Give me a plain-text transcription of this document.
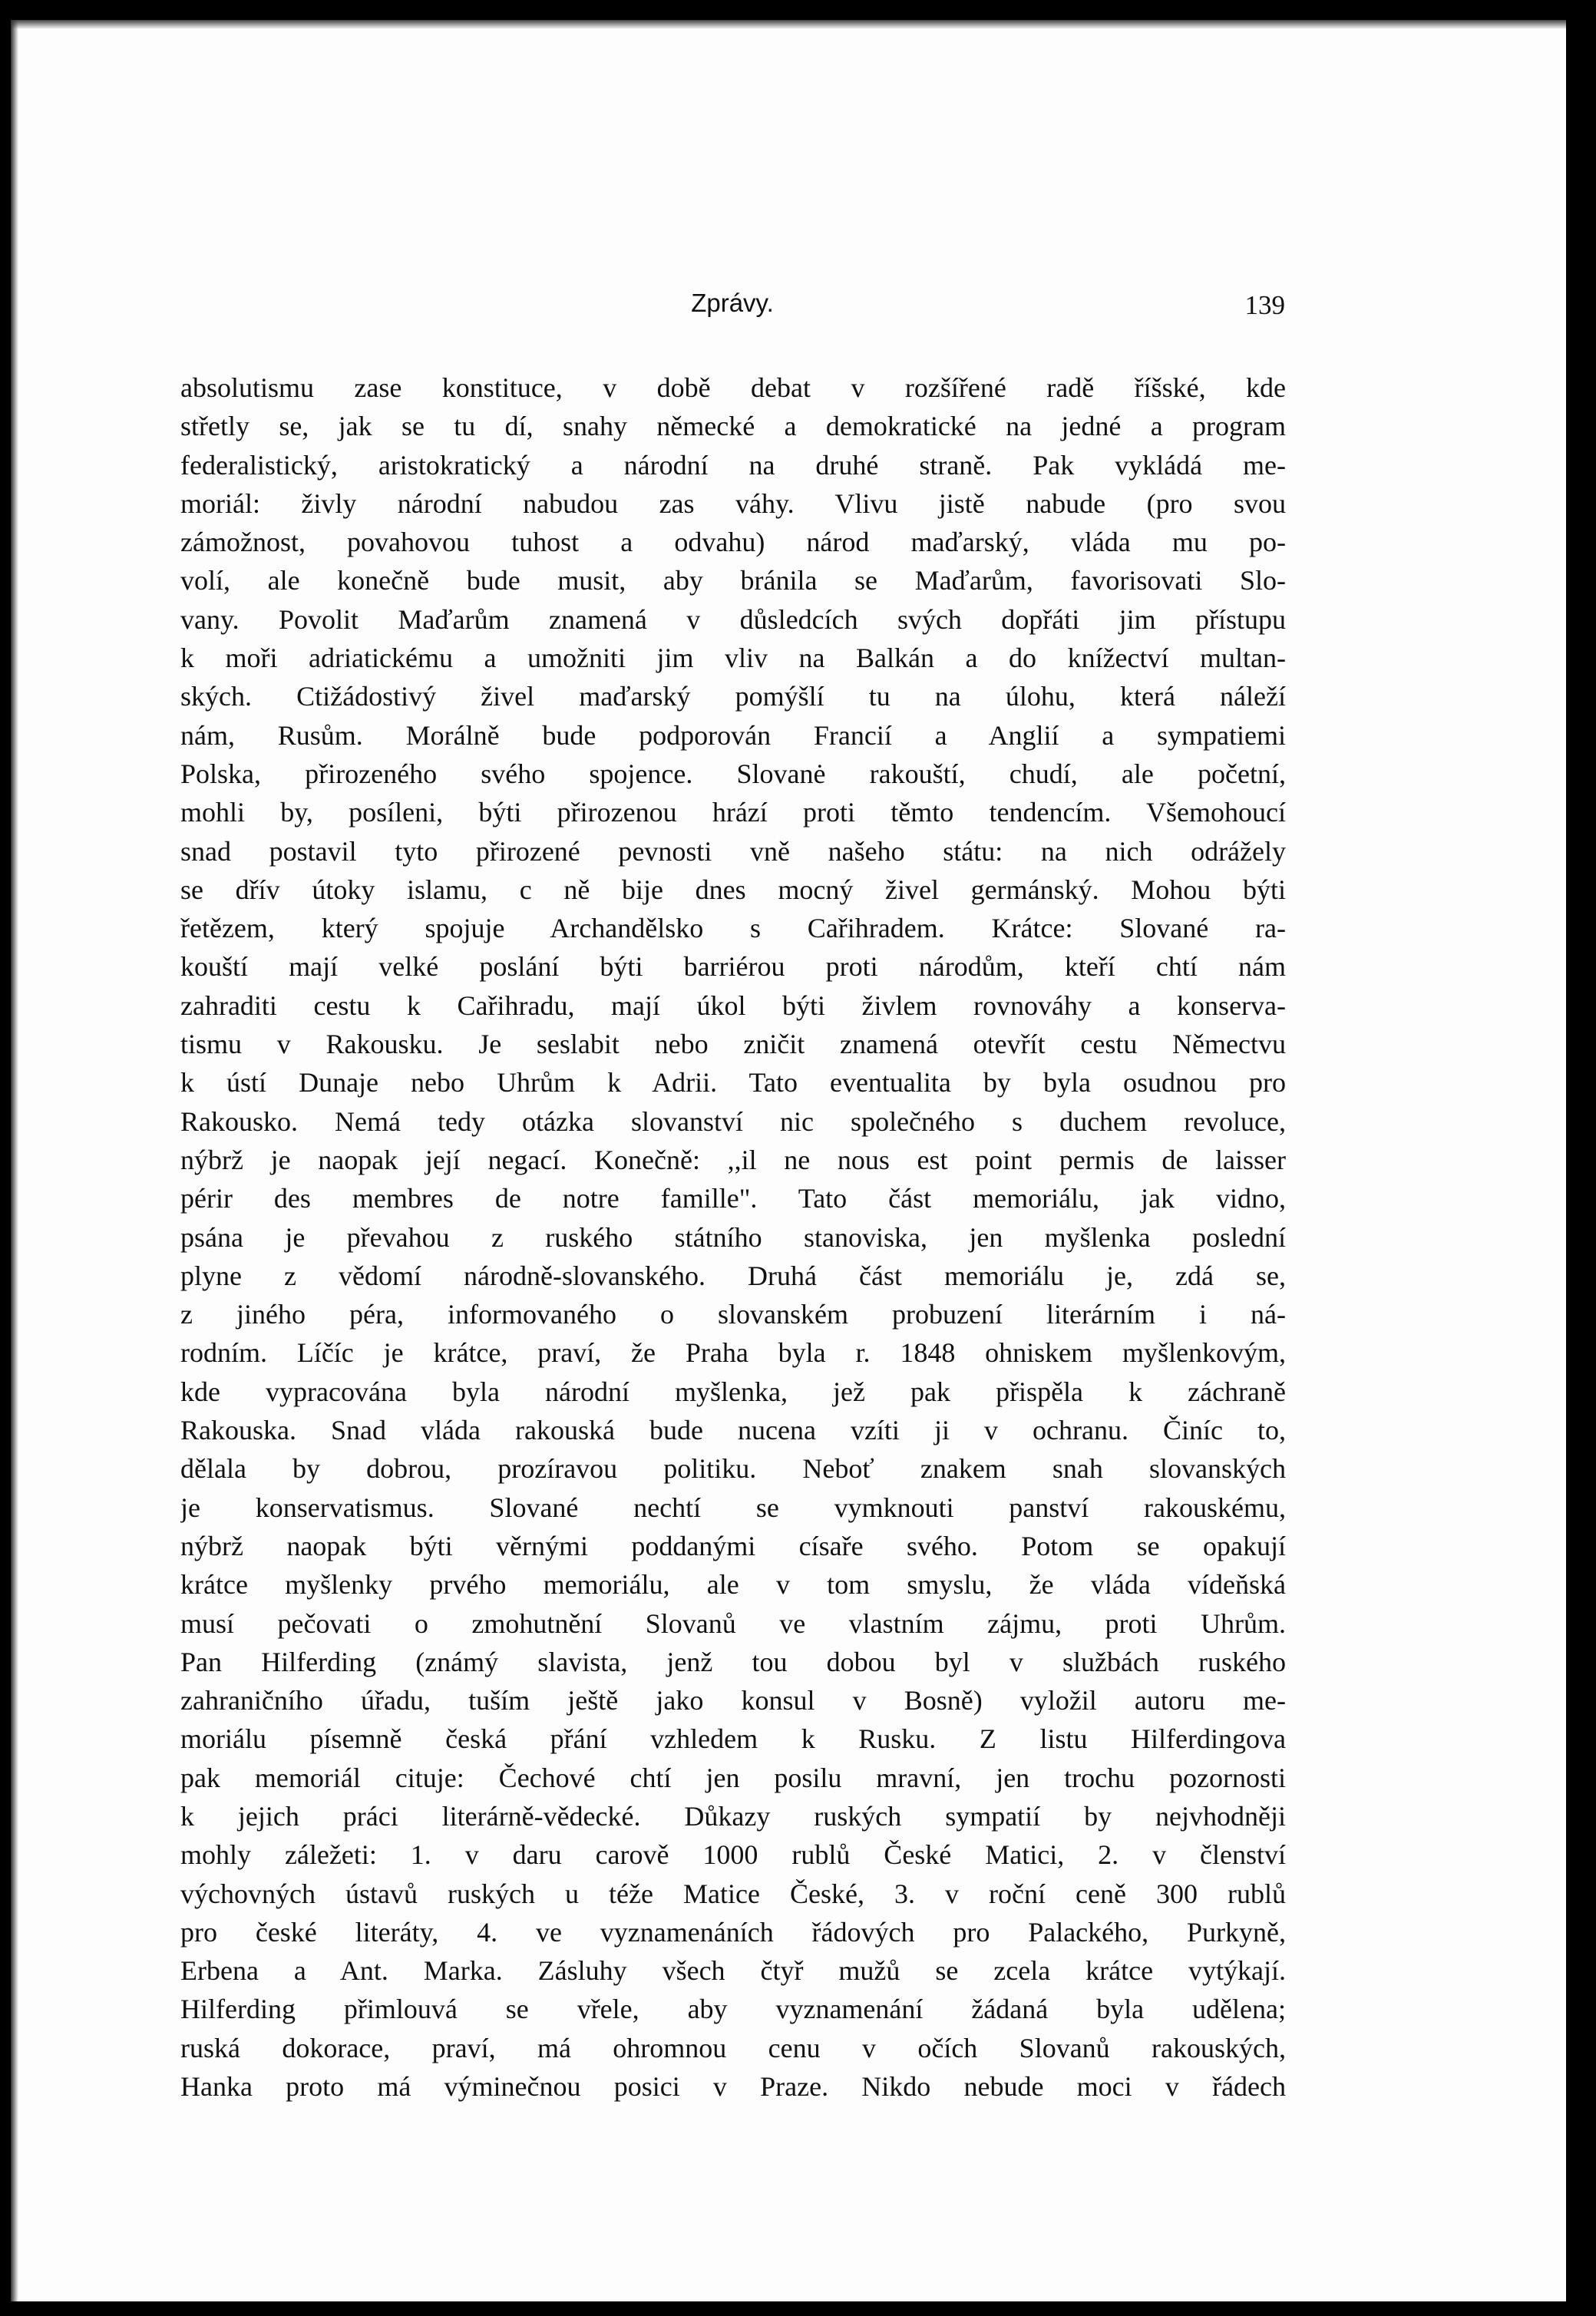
Zprávy.	139
absolutismu zase konstituce, v době debat v rozšířené radě říšské, kde
střetly se, jak se tu dí, snahy německé a demokratické na jedné a program
federalistický, aristokratický a národní na druhé straně. Pak vykládá me-
moriál: živly národní nabudou zas váhy. Vlivu jistě nabude (pro svou
zámožnost, povahovou tuhost a odvahu) národ maďarský, vláda mu po-
volí, ale konečně bude musit, aby bránila se Maďarům, favorisovati Slo-
vany. Povolit Maďarům znamená v důsledcích svých dopřáti jim přístupu
k moři adriatickému a umožniti jim vliv na Balkán a do knížectví multan-
ských. Ctižádostivý živel maďarský pomýšlí tu na úlohu, která náleží
nám, Rusům. Morálně bude podporován Francií a Anglií a sympatiemi
Polska, přirozeného svého spojence. Slovanė rakouští, chudí, ale početní,
mohli by, posíleni, býti přirozenou hrází proti těmto tendencím. Všemohoucí
snad postavil tyto přirozené pevnosti vně našeho státu: na nich odrážely
se dřív útoky islamu, c ně bije dnes mocný živel germánský. Mohou býti
řetězem, který spojuje Archandělsko s Cařihradem. Krátce: Slované ra-
kouští mají velké poslání býti barriérou proti národům, kteří chtí nám
zahraditi cestu k Cařihradu, mají úkol býti živlem rovnováhy a konserva-
tismu v Rakousku. Je seslabit nebo zničit znamená otevřít cestu Němectvu
k ústí Dunaje nebo Uhrům k Adrii. Tato eventualita by byla osudnou pro
Rakousko. Nemá tedy otázka slovanství nic společného s duchem revoluce,
nýbrž je naopak její negací. Konečně: ,,il ne nous est point permis de laisser
périr des membres de notre famille". Tato část memoriálu, jak vidno,
psána je převahou z ruského státního stanoviska, jen myšlenka poslední
plyne z vědomí národně-slovanského. Druhá část memoriálu je, zdá se,
z jiného péra, informovaného o slovanském probuzení literárním i ná-
rodním. Líčíc je krátce, praví, že Praha byla r. 1848 ohniskem myšlenkovým,
kde vypracována byla národní myšlenka, jež pak přispěla k záchraně
Rakouska. Snad vláda rakouská bude nucena vzíti ji v ochranu. Činíc to,
dělala by dobrou, prozíravou politiku. Neboť znakem snah slovanských
je konservatismus. Slované nechtí se vymknouti panství rakouskému,
nýbrž naopak býti věrnými poddanými císaře svého. Potom se opakují
krátce myšlenky prvého memoriálu, ale v tom smyslu, že vláda vídeňská
musí pečovati o zmohutnění Slovanů ve vlastním zájmu, proti Uhrům.
Pan Hilferding (známý slavista, jenž tou dobou byl v službách ruského
zahraničního úřadu, tuším ještě jako konsul v Bosně) vyložil autoru me-
moriálu písemně česká přání vzhledem k Rusku. Z listu Hilferdingova
pak memoriál cituje: Čechové chtí jen posilu mravní, jen trochu pozornosti
k jejich práci literárně-vědecké. Důkazy ruských sympatií by nejvhodněji
mohly záležeti: 1. v daru carově 1000 rublů České Matici, 2. v členství
výchovných ústavů ruských u téže Matice České, 3. v roční ceně 300 rublů
pro české literáty, 4. ve vyznamenáních řádových pro Palackého, Purkyně,
Erbena a Ant. Marka. Zásluhy všech čtyř mužů se zcela krátce vytýkají.
Hilferding přimlouvá se vřele, aby vyznamenání žádaná byla udělena;
ruská dokorace, praví, má ohromnou cenu v očích Slovanů rakouských,
Hanka proto má výminečnou posici v Praze. Nikdo nebude moci v řádech
